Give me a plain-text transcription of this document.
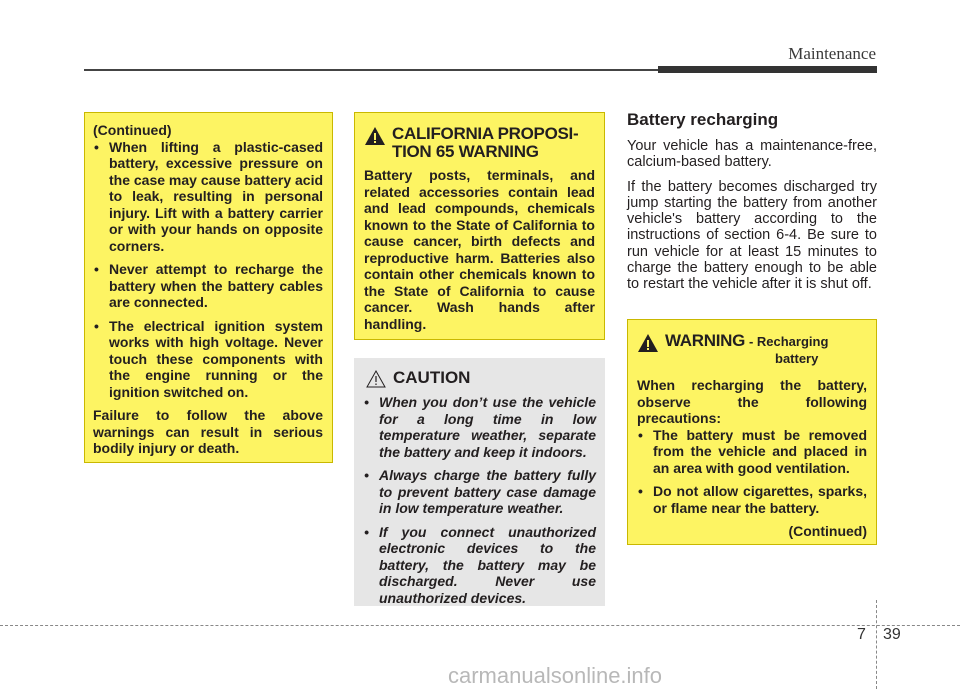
Maintenance
(Continued)
• When lifting a plastic-cased battery, excessive pressure on the case may cause battery acid to leak, resulting in personal injury. Lift with a battery carrier or with your hands on opposite corners.
• Never attempt to recharge the battery when the battery cables are connected.
• The electrical ignition system works with high voltage. Never touch these components with the engine running or the ignition switched on.
Failure to follow the above warnings can result in serious bodily injury or death.
CALIFORNIA PROPOSI-
TION 65 WARNING
Battery posts, terminals, and related accessories contain lead and lead compounds, chemicals known to the State of California to cause cancer, birth defects and reproductive harm. Batteries also contain other chemicals known to the State of California to cause cancer. Wash hands after handling.
CAUTION
• When you don’t use the vehicle for a long time in low temperature weather, separate the battery and keep it indoors.
• Always charge the battery fully to prevent battery case damage in low temperature weather.
• If you connect unauthorized electronic devices to the battery, the battery may be discharged. Never use unauthorized devices.
Battery recharging

Your vehicle has a maintenance-free, calcium-based battery.

If the battery becomes discharged try jump starting the battery from another vehicle's battery according to the instructions of section 6-4. Be sure to run vehicle for at least 15 minutes to charge the battery enough to be able to restart the vehicle after it is shut off.

WARNING - Recharging
battery
When recharging the battery, observe the following precautions:
• The battery must be removed from the vehicle and placed in an area with good ventilation.
• Do not allow cigarettes, sparks, or flame near the battery.
(Continued)
7 39
carmanualsonline.info
